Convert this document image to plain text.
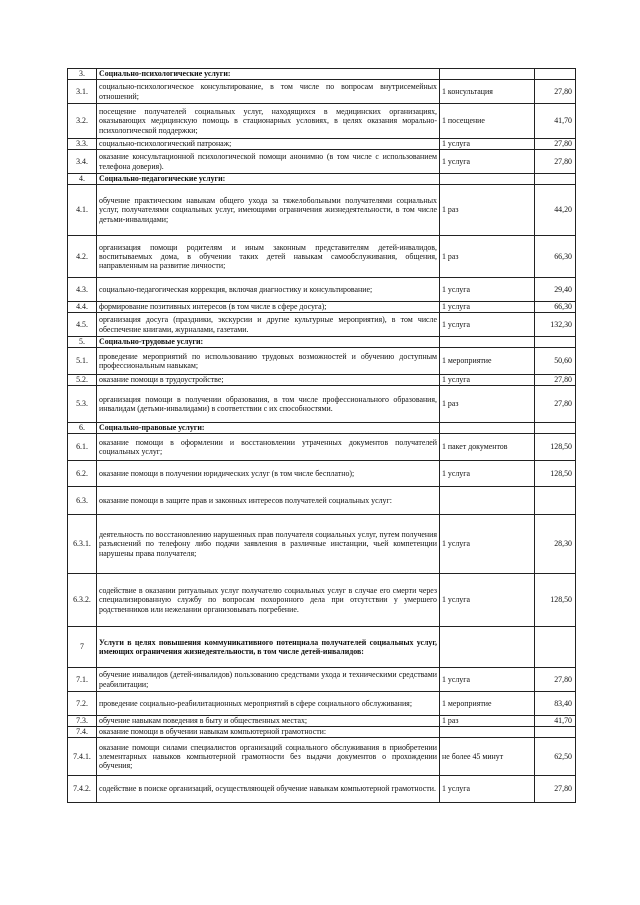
3.	Социально-психологические услуги:		
3.1.	социально-психологическое консультирование, в том числе по вопросам внутрисемейных отношений;	1 консультация	27,80
3.2.	посещение получателей социальных услуг, находящихся в медицинских организациях, оказывающих медицинскую помощь в стационарных условиях, в целях оказания морально-психологической поддержки;	1 посещение	41,70
3.3.	социально-психологический патронаж;	1 услуга	27,80
3.4.	оказание консультационной психологической помощи анонимно (в том числе с использованием телефона доверия).	1 услуга	27,80
4.	Социально-педагогические услуги:		
4.1.	обучение практическим навыкам общего ухода за тяжелобольными получателями социальных услуг, получателями социальных услуг, имеющими ограничения жизнедеятельности, в том числе детьми-инвалидами;	1 раз	44,20
4.2.	организация помощи родителям и иным законным представителям детей-инвалидов, воспитываемых дома, в обучении таких детей навыкам самообслуживания, общения, направленным на развитие личности;	1 раз	66,30
4.3.	социально-педагогическая коррекция, включая диагностику и консультирование;	1 услуга	29,40
4.4.	формирование позитивных интересов (в том числе в сфере досуга);	1 услуга	66,30
4.5.	организация досуга (праздники, экскурсии и другие культурные мероприятия), в том числе обеспечение книгами, журналами, газетами.	1 услуга	132,30
5.	Социально-трудовые услуги:		
5.1.	проведение мероприятий по использованию трудовых возможностей и обучению доступным профессиональным навыкам;	1 мероприятие	50,60
5.2.	оказание помощи в трудоустройстве;	1 услуга	27,80
5.3.	организация помощи в получении образования, в том числе профессионального образования, инвалидам (детьми-инвалидами) в соответствии с их способностями.	1 раз	27,80
6.	Социально-правовые услуги:		
6.1.	оказание помощи в оформлении и восстановлении утраченных документов получателей социальных услуг;	1 пакет документов	128,50
6.2.	оказание помощи в получении юридических услуг (в том числе бесплатно);	1 услуга	128,50
6.3.	оказание помощи в защите прав и законных интересов получателей социальных услуг:		
6.3.1.	деятельность по восстановлению нарушенных прав получателя социальных услуг, путем получения разъяснений по телефону либо подачи заявления в различные инстанции, чьей компетенции нарушены права получателя;	1 услуга	28,30
6.3.2.	содействие в оказании ритуальных услуг получателю социальных услуг в случае его смерти через специализированную службу по вопросам похоронного дела при отсутствии у умершего родственников или нежелании организовывать погребение.	1 услуга	128,50
7	Услуги в целях повышения коммуникативного потенциала получателей социальных услуг, имеющих ограничения жизнедеятельности, в том числе детей-инвалидов:		
7.1.	обучение инвалидов (детей-инвалидов) пользованию средствами ухода и техническими средствами реабилитации;	1 услуга	27,80
7.2.	проведение социально-реабилитационных мероприятий в сфере социального обслуживания;	1 мероприятие	83,40
7.3.	обучение навыкам поведения в быту и общественных местах;	1 раз	41,70
7.4.	оказание помощи в обучении навыкам компьютерной грамотности:		
7.4.1.	оказание помощи силами специалистов организаций социального обслуживания в приобретении элементарных навыков компьютерной грамотности без выдачи документов о прохождении обучения;	не более 45 минут	62,50
7.4.2.	содействие в поиске организаций, осуществляющей обучение навыкам компьютерной грамотности.	1 услуга	27,80
